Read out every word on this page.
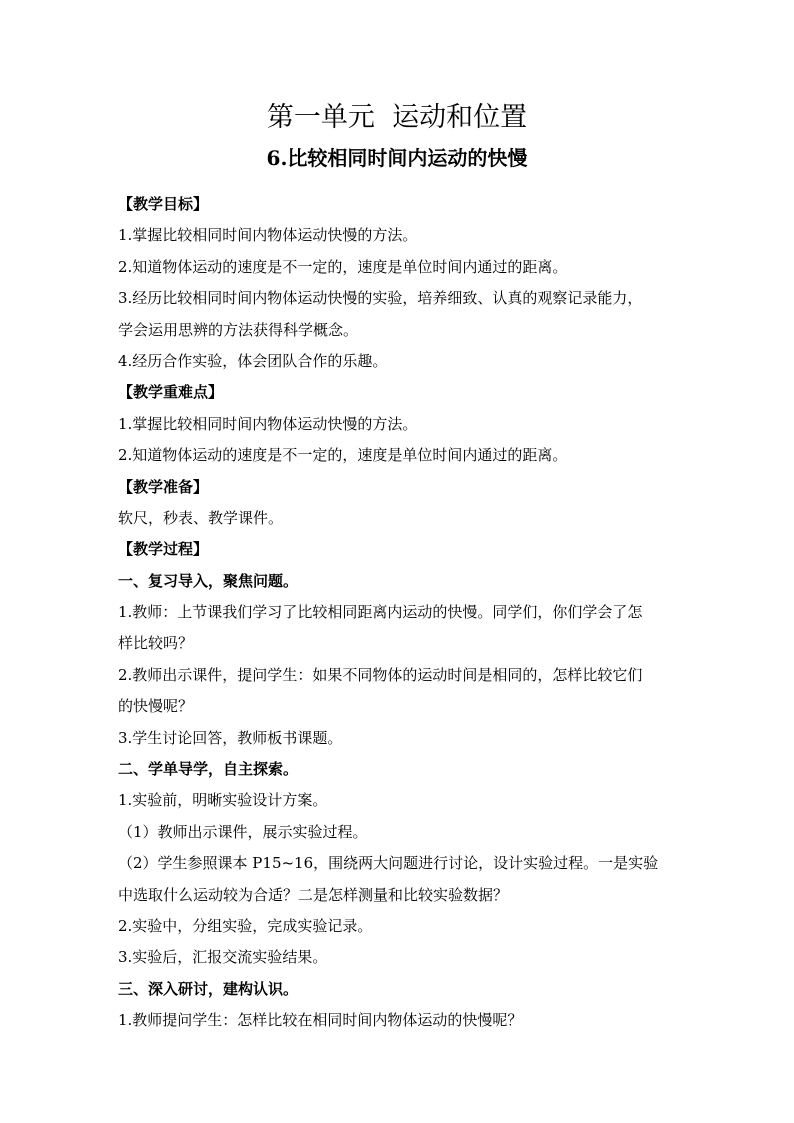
第一单元  运动和位置
6.比较相同时间内运动的快慢

【教学目标】

1.掌握比较相同时间内物体运动快慢的方法。

2.知道物体运动的速度是不一定的，速度是单位时间内通过的距离。

3.经历比较相同时间内物体运动快慢的实验，培养细致、认真的观察记录能力，

学会运用思辨的方法获得科学概念。

4.经历合作实验，体会团队合作的乐趣。

【教学重难点】

1.掌握比较相同时间内物体运动快慢的方法。

2.知道物体运动的速度是不一定的，速度是单位时间内通过的距离。

【教学准备】

软尺，秒表、教学课件。

【教学过程】

一、复习导入，聚焦问题。

1.教师：上节课我们学习了比较相同距离内运动的快慢。同学们，你们学会了怎

样比较吗？

2.教师出示课件，提问学生：如果不同物体的运动时间是相同的，怎样比较它们

的快慢呢？

3.学生讨论回答，教师板书课题。

二、学单导学，自主探索。

1.实验前，明晰实验设计方案。

（1）教师出示课件，展示实验过程。

（2）学生参照课本 P15~16，围绕两大问题进行讨论，设计实验过程。一是实验

中选取什么运动较为合适？二是怎样测量和比较实验数据？

2.实验中，分组实验，完成实验记录。

3.实验后，汇报交流实验结果。

三、深入研讨，建构认识。

1.教师提问学生：怎样比较在相同时间内物体运动的快慢呢？
